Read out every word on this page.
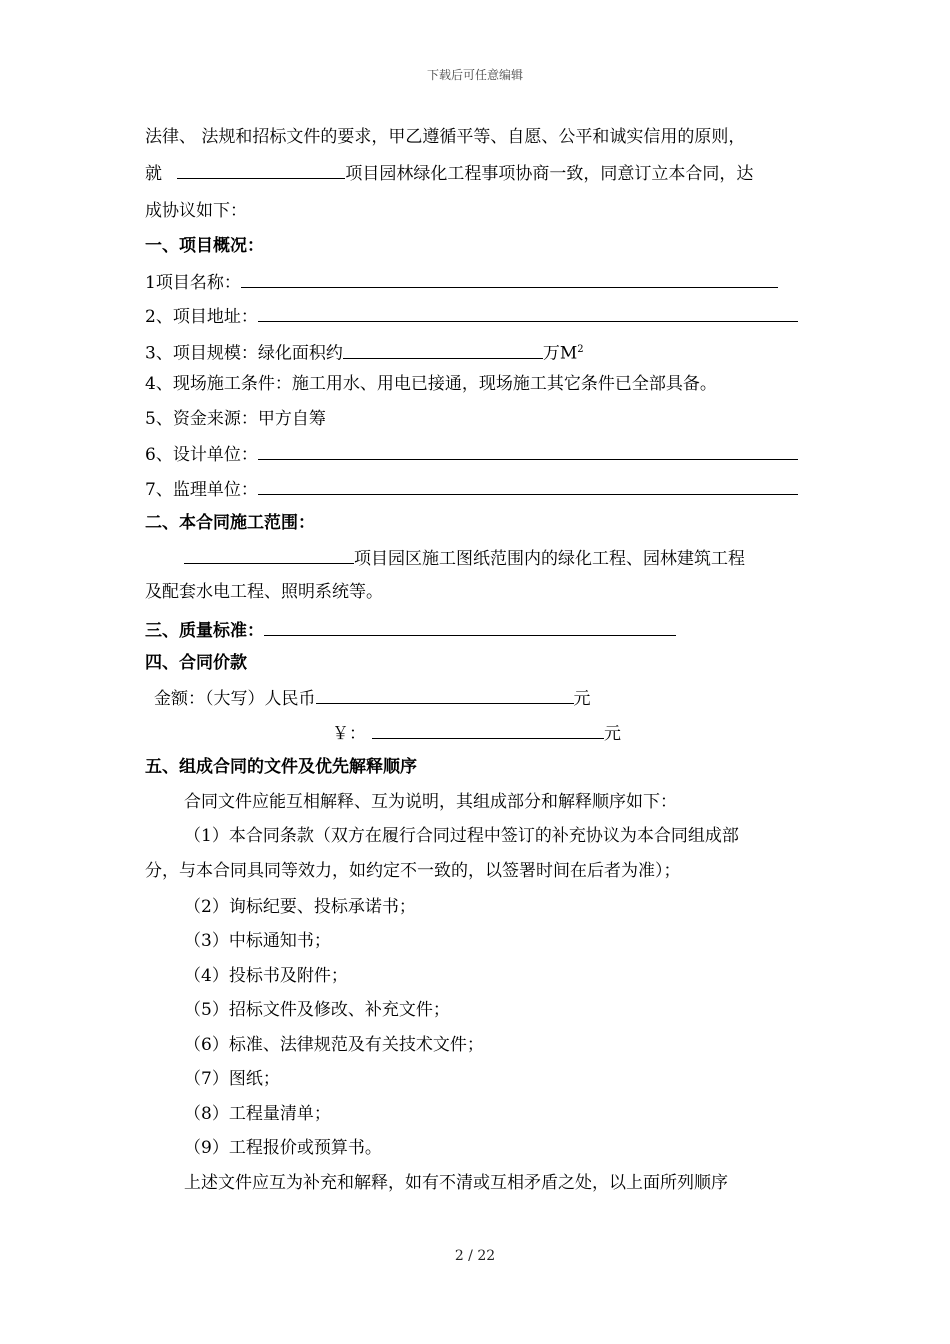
下载后可任意编辑
法律、 法规和招标文件的要求，甲乙遵循平等、自愿、公平和诚实信用的原则，
就	项目园林绿化工程事项协商一致，同意订立本合同，达
成协议如下：
一、项目概况：
1项目名称：
2、项目地址：
3、项目规模：绿化面积约	万$M^2$
4、现场施工条件：施工用水、用电已接通，现场施工其它条件已全部具备。
5、资金来源：甲方自筹
6、设计单位：
7、监理单位：
二、本合同施工范围：
项目园区施工图纸范围内的绿化工程、园林建筑工程
及配套水电工程、照明系统等。
三、质量标准：
四、合同价款
金额：（大写）人民币	元
￥：	元
五、组成合同的文件及优先解释顺序
合同文件应能互相解释、互为说明，其组成部分和解释顺序如下：
（1）本合同条款（双方在履行合同过程中签订的补充协议为本合同组成部
分，与本合同具同等效力，如约定不一致的，以签署时间在后者为准）；
（2）询标纪要、投标承诺书；
（3）中标通知书；
（4）投标书及附件；
（5）招标文件及修改、补充文件；
（6）标准、法律规范及有关技术文件；
（7）图纸；
（8）工程量清单；
（9）工程报价或预算书。
上述文件应互为补充和解释，如有不清或互相矛盾之处，以上面所列顺序
2 / 22
